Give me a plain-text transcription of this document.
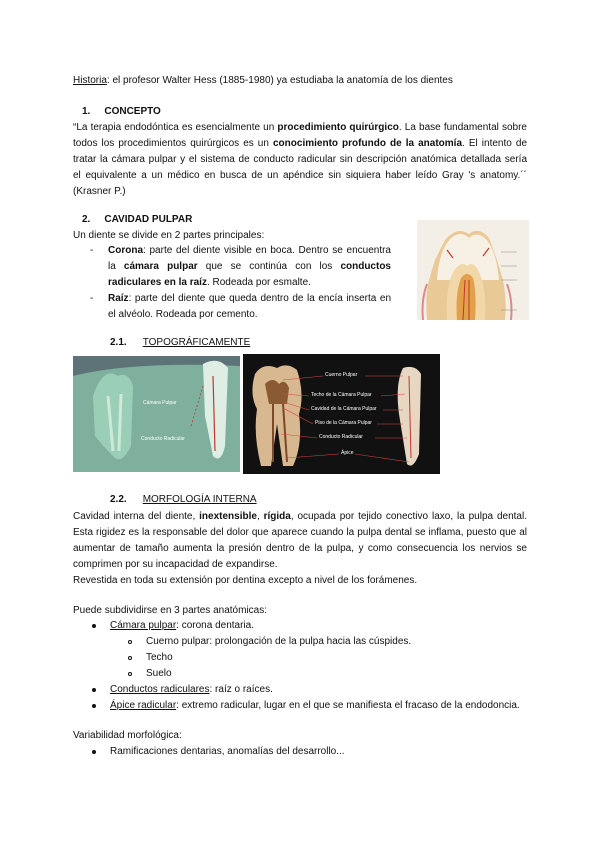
Historia: el profesor Walter Hess (1885-1980) ya estudiaba la anatomía de los dientes
1. CONCEPTO
“La terapia endodóntica es esencialmente un procedimiento quirúrgico. La base fundamental sobre
todos los procedimientos quirúrgicos es un conocimiento profundo de la anatomía. El intento de
tratar la cámara pulpar y el sistema de conducto radicular sin descripción anatómica detallada sería
el equivalente a un médico en busca de un apéndice sin siquiera haber leído Gray 's anatomy.´´
(Krasner P.)
2. CAVIDAD PULPAR
Un diente se divide en 2 partes principales:
- Corona: parte del diente visible en boca. Dentro se encuentra
la cámara pulpar que se continúa con los conductos
radiculares en la raíz. Rodeada por esmalte.
- Raíz: parte del diente que queda dentro de la encía inserta en
el alvéolo. Rodeada por cemento.
2.1. TOPOGRÁFICAMENTE
Cámara Pulpar
Conducto Radicular
Cuerno Pulpar
Techo de la Cámara Pulpar
Cavidad de la Cámara Pulpar
Piso de la Cámara Pulpar
Conducto Radicular
Ápice
2.2. MORFOLOGÍA INTERNA
Cavidad interna del diente, inextensible, rígida, ocupada por tejido conectivo laxo, la pulpa dental.
Esta rigidez es la responsable del dolor que aparece cuando la pulpa dental se inflama, puesto que al
aumentar de tamaño aumenta la presión dentro de la pulpa, y como consecuencia los nervios se
comprimen por su incapacidad de expandirse.
Revestida en toda su extensión por dentina excepto a nivel de los forámenes.
Puede subdividirse en 3 partes anatómicas:
Cámara pulpar: corona dentaria.
Cuerno pulpar: prolongación de la pulpa hacia las cúspides.
Techo
Suelo
Conductos radiculares: raíz o raíces.
Ápice radicular: extremo radicular, lugar en el que se manifiesta el fracaso de la endodoncia.
Variabilidad morfológica:
Ramificaciones dentarias, anomalías del desarrollo...
